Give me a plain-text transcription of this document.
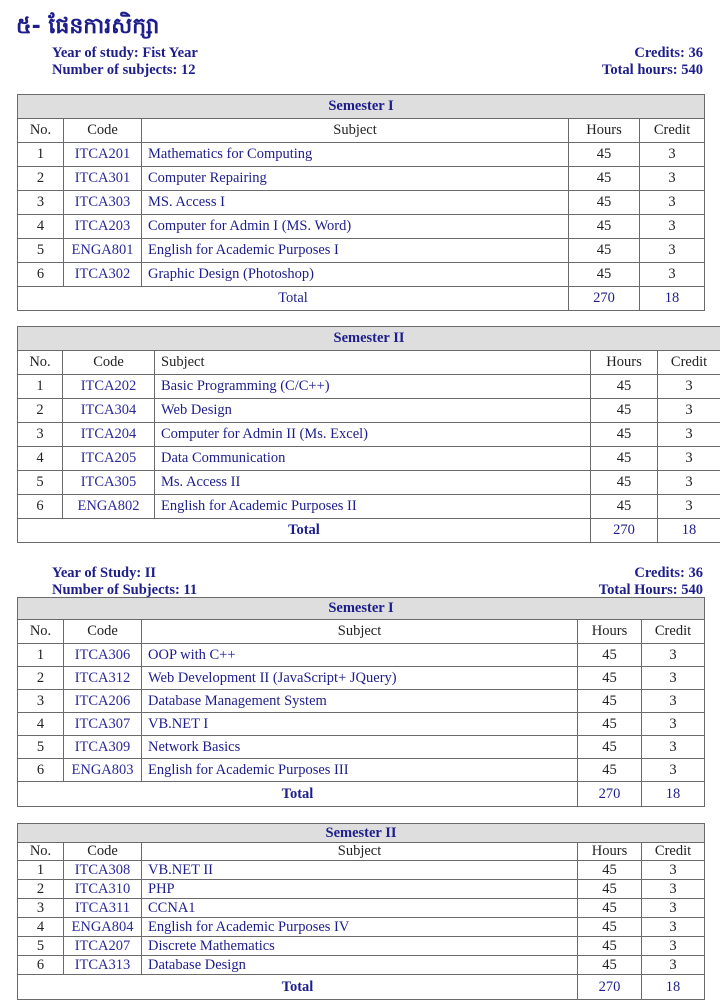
៥- ផែនការសិក្សា
Year of study: Fist Year
Number of subjects: 12
Credits: 36
Total hours: 540
Semester I				
No.	Code	Subject	Hours	Credit
1	ITCA201	Mathematics for Computing	45	3
2	ITCA301	Computer Repairing	45	3
3	ITCA303	MS. Access I	45	3
4	ITCA203	Computer for Admin I (MS. Word)	45	3
5	ENGA801	English for Academic Purposes I	45	3
6	ITCA302	Graphic Design (Photoshop)	45	3
Total			270	18
Semester II				
No.	Code	Subject	Hours	Credit
1	ITCA202	Basic Programming (C/C++)	45	3
2	ITCA304	Web Design	45	3
3	ITCA204	Computer for Admin II (Ms. Excel)	45	3
4	ITCA205	Data Communication	45	3
5	ITCA305	Ms. Access II	45	3
6	ENGA802	English for Academic Purposes II	45	3
Total			270	18
Year of Study: II
Number of Subjects: 11
Credits: 36
Total Hours: 540
Semester I				
No.	Code	Subject	Hours	Credit
1	ITCA306	OOP with C++	45	3
2	ITCA312	Web Development II (JavaScript+ JQuery)	45	3
3	ITCA206	Database Management System	45	3
4	ITCA307	VB.NET I	45	3
5	ITCA309	Network Basics	45	3
6	ENGA803	English for Academic Purposes III	45	3
Total			270	18
Semester II				
No.	Code	Subject	Hours	Credit
1	ITCA308	VB.NET II	45	3
2	ITCA310	PHP	45	3
3	ITCA311	CCNA1	45	3
4	ENGA804	English for Academic Purposes IV	45	3
5	ITCA207	Discrete Mathematics	45	3
6	ITCA313	Database Design	45	3
Total			270	18
